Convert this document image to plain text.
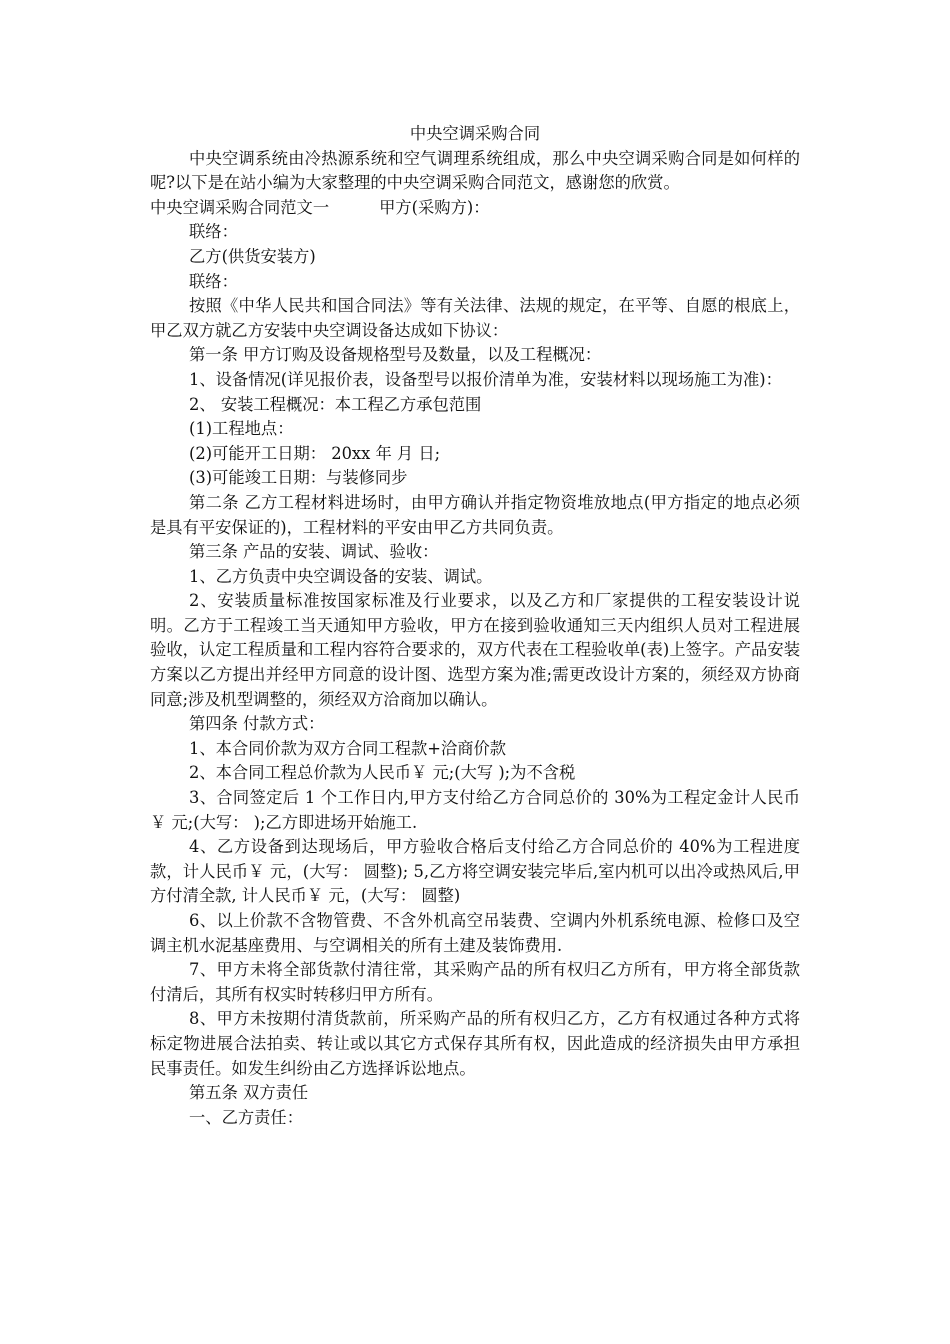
中央空调采购合同

中央空调系统由冷热源系统和空气调理系统组成，那么中央空调采购合同是如何样的呢?以下是在站小编为大家整理的中央空调采购合同范文，感谢您的欣赏。

中央空调采购合同范文一	甲方(采购方)：

联络：

乙方(供货安装方)

联络：

按照《中华人民共和国合同法》等有关法律、法规的规定，在平等、自愿的根底上，甲乙双方就乙方安装中央空调设备达成如下协议：

第一条 甲方订购及设备规格型号及数量，以及工程概况：

1、设备情况(详见报价表，设备型号以报价清单为准，安装材料以现场施工为准)：

2、 安装工程概况：本工程乙方承包范围

(1)工程地点：

(2)可能开工日期： 20xx 年 月 日;

(3)可能竣工日期：与装修同步

第二条 乙方工程材料进场时，由甲方确认并指定物资堆放地点(甲方指定的地点必须是具有平安保证的)，工程材料的平安由甲乙方共同负责。

第三条 产品的安装、调试、验收：

1、乙方负责中央空调设备的安装、调试。

2、安装质量标准按国家标准及行业要求，以及乙方和厂家提供的工程安装设计说明。乙方于工程竣工当天通知甲方验收，甲方在接到验收通知三天内组织人员对工程进展验收，认定工程质量和工程内容符合要求的，双方代表在工程验收单(表)上签字。产品安装方案以乙方提出并经甲方同意的设计图、选型方案为准;需更改设计方案的，须经双方协商同意;涉及机型调整的，须经双方洽商加以确认。

第四条 付款方式：

1、本合同价款为双方合同工程款+洽商价款

2、本合同工程总价款为人民币￥ 元;(大写 );为不含税

3、合同签定后 1 个工作日内,甲方支付给乙方合同总价的 30%为工程定金计人民币￥ 元;(大写： );乙方即进场开始施工.

4、乙方设备到达现场后，甲方验收合格后支付给乙方合同总价的 40%为工程进度款，计人民币￥ 元，(大写： 圆整); 5,乙方将空调安装完毕后,室内机可以出冷或热风后,甲方付清全款, 计人民币￥ 元，(大写： 圆整)

6、以上价款不含物管费、不含外机高空吊装费、空调内外机系统电源、检修口及空调主机水泥基座费用、与空调相关的所有土建及装饰费用.

7、甲方未将全部货款付清往常，其采购产品的所有权归乙方所有，甲方将全部货款付清后，其所有权实时转移归甲方所有。

8、甲方未按期付清货款前，所采购产品的所有权归乙方，乙方有权通过各种方式将标定物进展合法拍卖、转让或以其它方式保存其所有权，因此造成的经济损失由甲方承担民事责任。如发生纠纷由乙方选择诉讼地点。

第五条 双方责任

一、乙方责任：
